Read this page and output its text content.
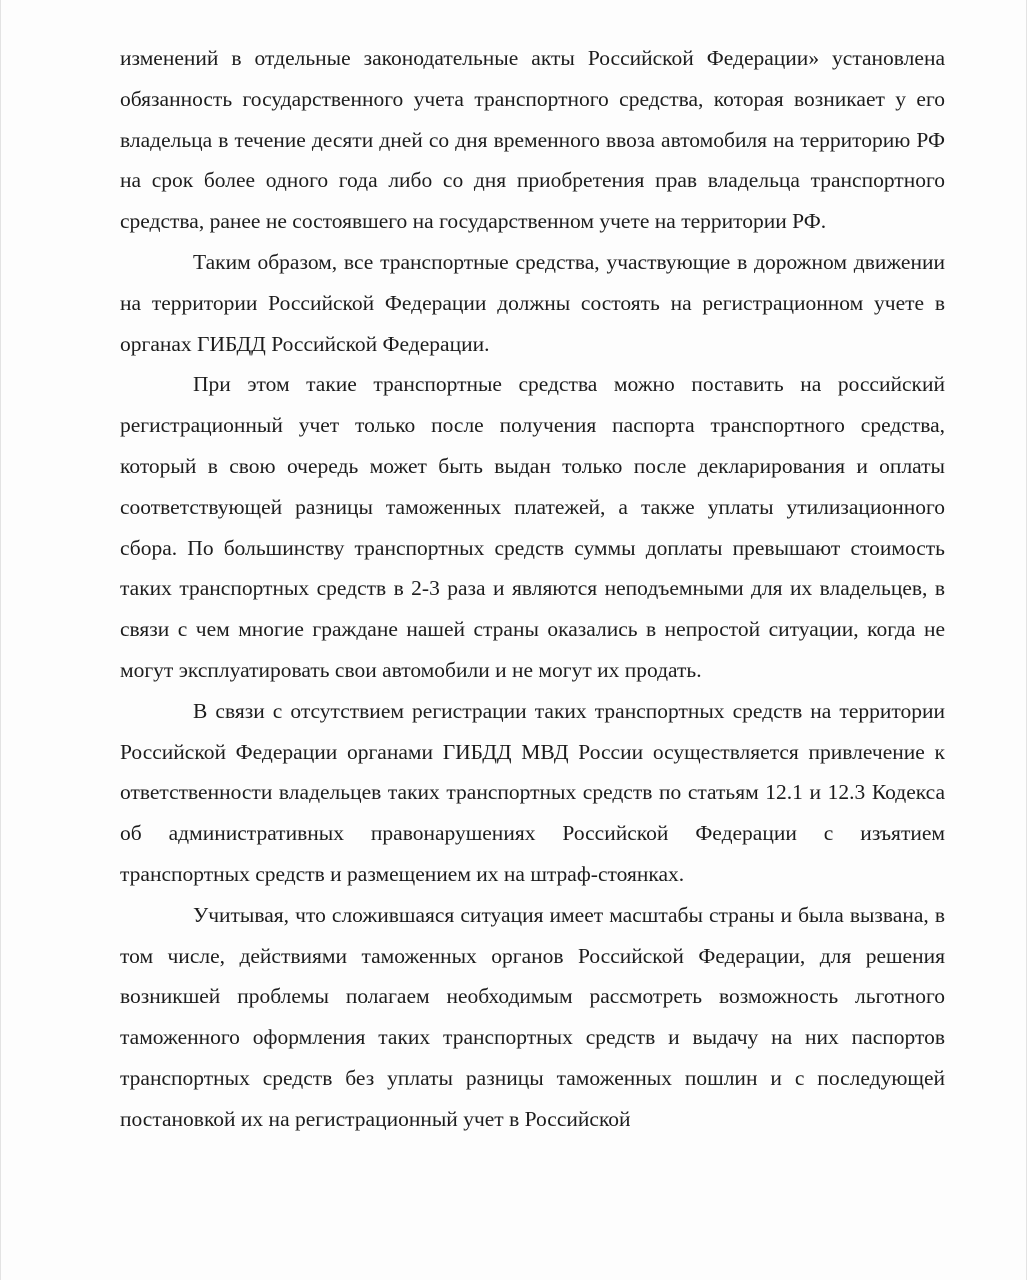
изменений в отдельные законодательные акты Российской Федерации» установлена обязанность государственного учета транспортного средства, которая возникает у его владельца в течение десяти дней со дня временного ввоза автомобиля на территорию РФ на срок более одного года либо со дня приобретения прав владельца транспортного средства, ранее не состоявшего на государственном учете на территории РФ.

Таким образом, все транспортные средства, участвующие в дорожном движении на территории Российской Федерации должны состоять на регистрационном учете в органах ГИБДД Российской Федерации.

При этом такие транспортные средства можно поставить на российский регистрационный учет только после получения паспорта транспортного средства, который в свою очередь может быть выдан только после декларирования и оплаты соответствующей разницы таможенных платежей, а также уплаты утилизационного сбора. По большинству транспортных средств суммы доплаты превышают стоимость таких транспортных средств в 2-3 раза и являются неподъемными для их владельцев, в связи с чем многие граждане нашей страны оказались в непростой ситуации, когда не могут эксплуатировать свои автомобили и не могут их продать.

В связи с отсутствием регистрации таких транспортных средств на территории Российской Федерации органами ГИБДД МВД России осуществляется привлечение к ответственности владельцев таких транспортных средств по статьям 12.1 и 12.3 Кодекса об административных правонарушениях Российской Федерации с изъятием транспортных средств и размещением их на штраф-стоянках.

Учитывая, что сложившаяся ситуация имеет масштабы страны и была вызвана, в том числе, действиями таможенных органов Российской Федерации, для решения возникшей проблемы полагаем необходимым рассмотреть возможность льготного таможенного оформления таких транспортных средств и выдачу на них паспортов транспортных средств без уплаты разницы таможенных пошлин и с последующей постановкой их на регистрационный учет в Российской
